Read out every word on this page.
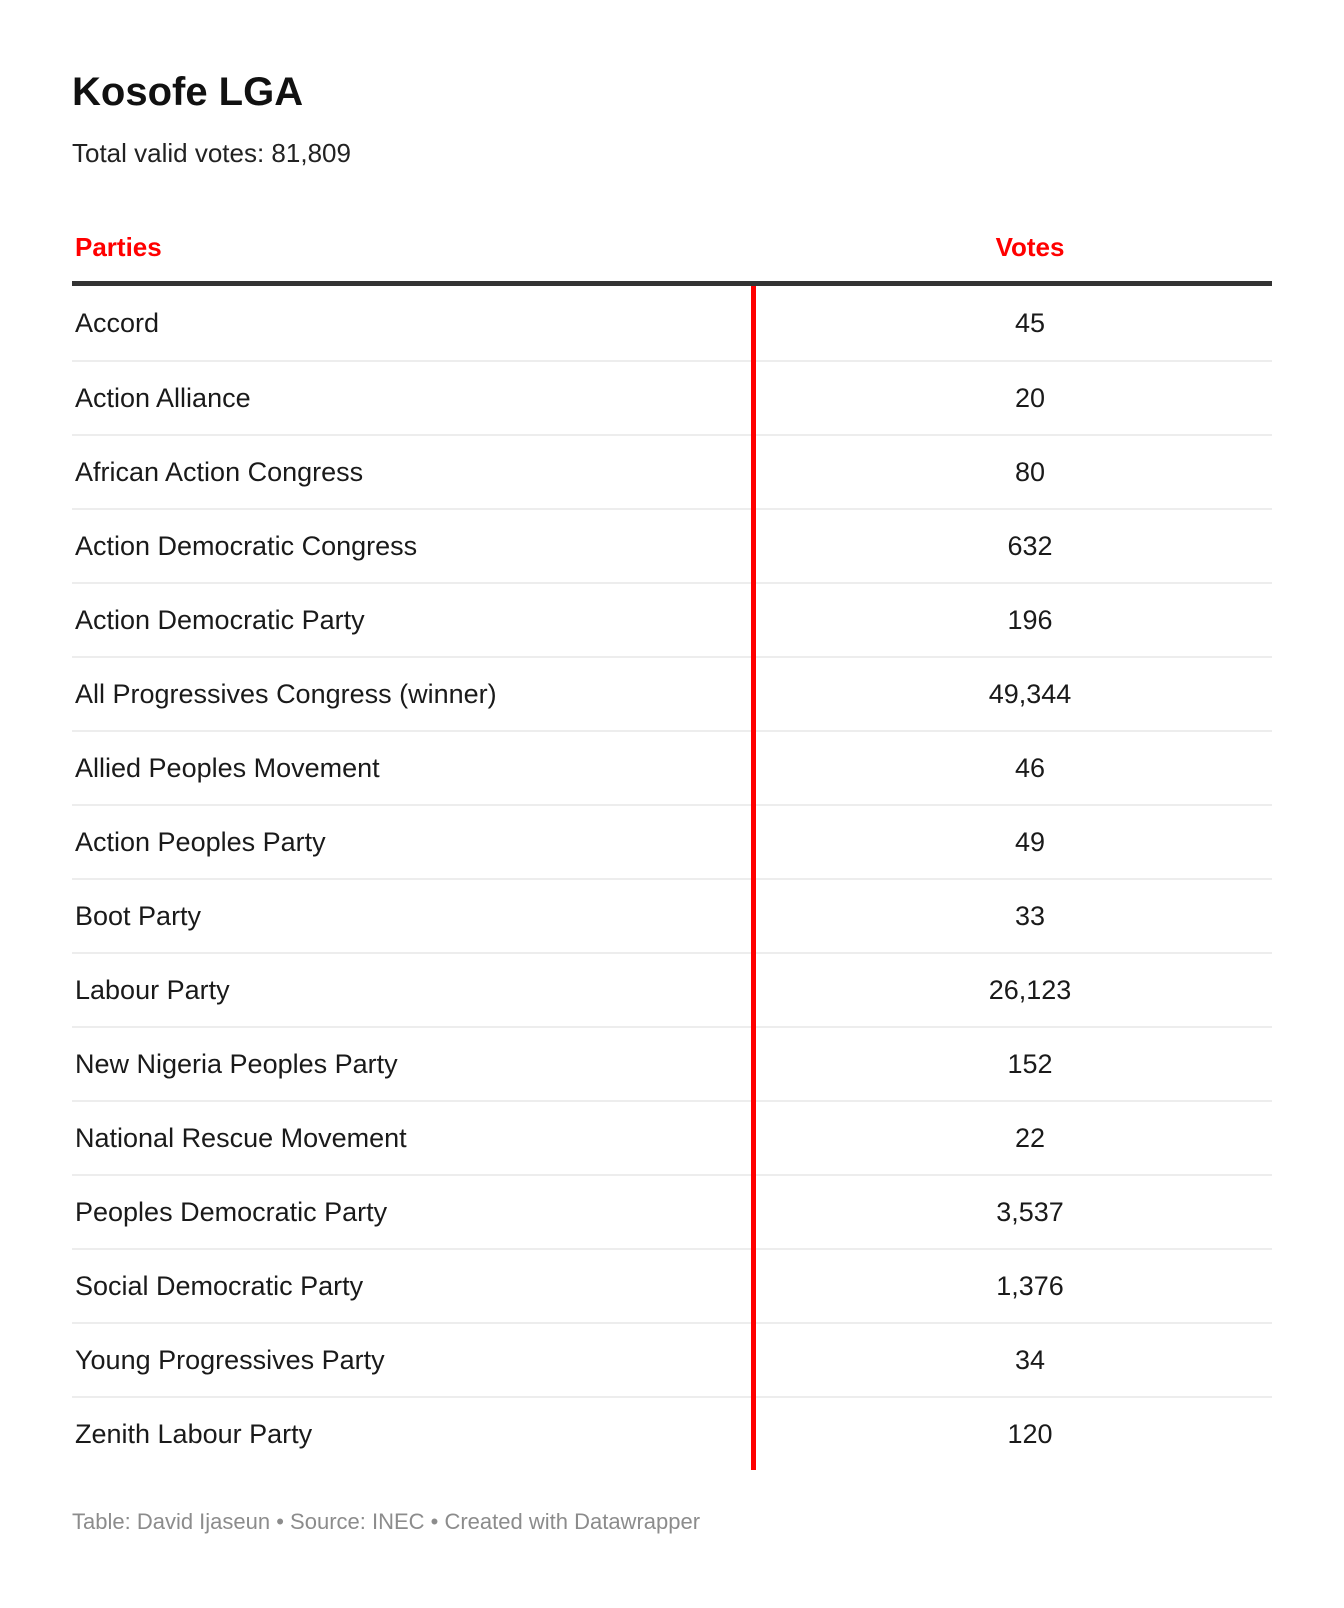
Kosofe LGA

Total valid votes: 81,809

Parties	Votes
Accord	45
Action Alliance	20
African Action Congress	80
Action Democratic Congress	632
Action Democratic Party	196
All Progressives Congress (winner)	49,344
Allied Peoples Movement	46
Action Peoples Party	49
Boot Party	33
Labour Party	26,123
New Nigeria Peoples Party	152
National Rescue Movement	22
Peoples Democratic Party	3,537
Social Democratic Party	1,376
Young Progressives Party	34
Zenith Labour Party	120

Table: David Ijaseun • Source: INEC • Created with Datawrapper
